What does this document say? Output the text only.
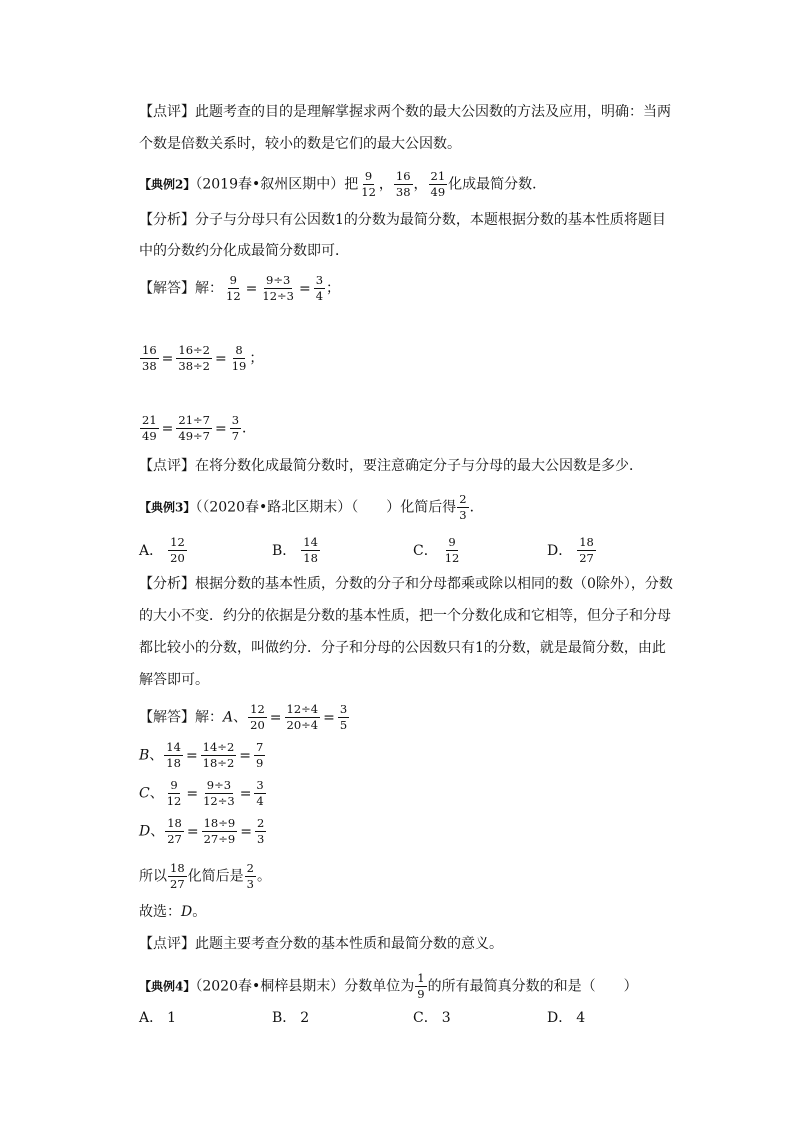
【点评】此题考查的目的是理解掌握求两个数的最大公因数的方法及应用，明确：当两
个数是倍数关系时，较小的数是它们的最大公因数。
【典例2】（2019春•叙州区期中）把 $\frac{9}{12}$ ， $\frac{16}{38}$ ， $\frac{21}{49}$ 化成最简分数．
【分析】分子与分母只有公因数1的分数为最简分数，本题根据分数的基本性质将题目
中的分数约分化成最简分数即可．
【解答】解： $\frac{9}{12} = \frac{9\div 3}{12\div 3} = \frac{3}{4}$ ；
$\frac{16}{38} = \frac{16\div 2}{38\div 2} = \frac{8}{19}$ ；
$\frac{21}{49} = \frac{21\div 7}{49\div 7} = \frac{3}{7}$ ．
【点评】在将分数化成最简分数时，要注意确定分子与分母的最大公因数是多少．
【典例3】（（2020春•路北区期末）（　　）化简后得 $\frac{2}{3}$ ．
A． $\frac{12}{20}$	B． $\frac{14}{18}$	C． $\frac{9}{12}$	D． $\frac{18}{27}$
【分析】根据分数的基本性质，分数的分子和分母都乘或除以相同的数（0除外），分数
的大小不变．约分的依据是分数的基本性质，把一个分数化成和它相等，但分子和分母
都比较小的分数，叫做约分．分子和分母的公因数只有1的分数，就是最简分数，由此
解答即可。
【解答】解：A、 $\frac{12}{20} = \frac{12\div 4}{20\div 4} = \frac{3}{5}$
B、 $\frac{14}{18} = \frac{14\div 2}{18\div 2} = \frac{7}{9}$
C、 $\frac{9}{12} = \frac{9\div 3}{12\div 3} = \frac{3}{4}$
D、 $\frac{18}{27} = \frac{18\div 9}{27\div 9} = \frac{2}{3}$
所以 $\frac{18}{27}$ 化简后是 $\frac{2}{3}$ 。
故选：D。
【点评】此题主要考查分数的基本性质和最简分数的意义。
【典例4】（2020春•桐梓县期末）分数单位为 $\frac{1}{9}$ 的所有最简真分数的和是（　　）
A． 1	B． 2	C． 3	D． 4
